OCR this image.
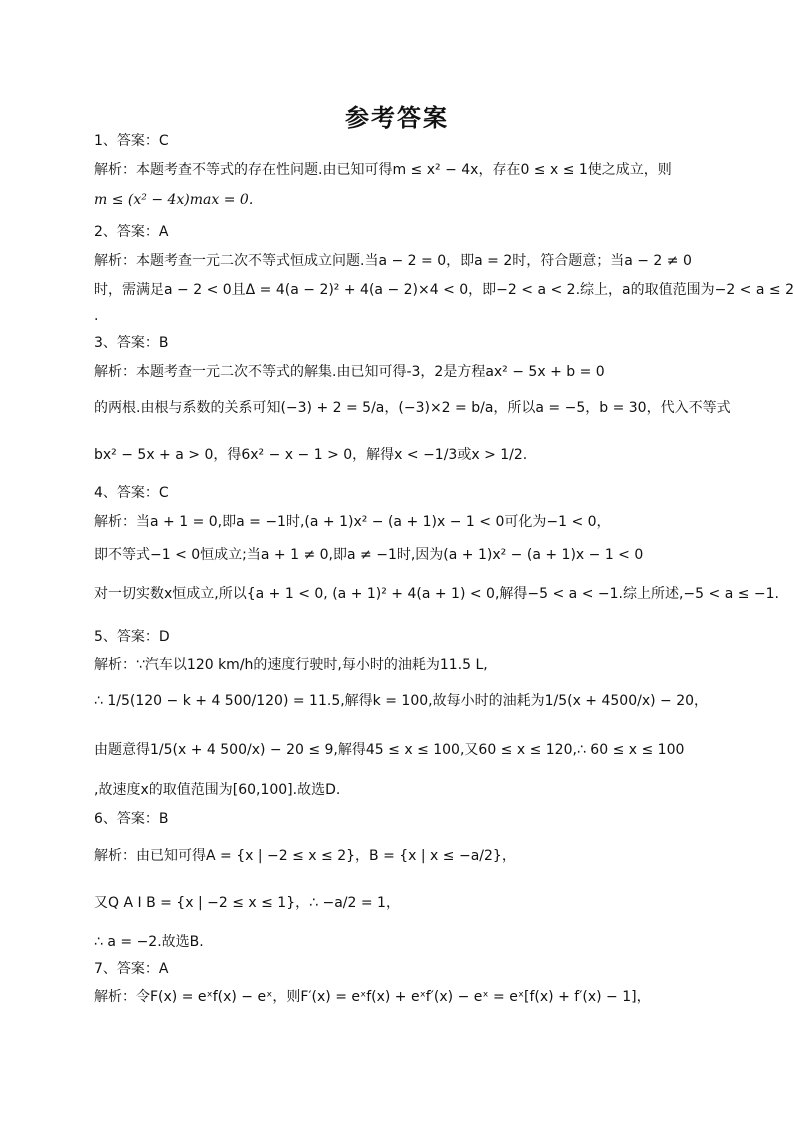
参考答案
1、答案：C
解析：本题考查不等式的存在性问题.由已知可得m ≤ x² − 4x，存在0 ≤ x ≤ 1使之成立，则
m ≤ (x² − 4x)max = 0.
2、答案：A
解析：本题考查一元二次不等式恒成立问题.当a − 2 = 0，即a = 2时，符合题意；当a − 2 ≠ 0
时，需满足a − 2 < 0且Δ = 4(a − 2)² + 4(a − 2)×4 < 0，即−2 < a < 2.综上，a的取值范围为−2 < a ≤ 2
.
3、答案：B
解析：本题考查一元二次不等式的解集.由已知可得-3，2是方程ax² − 5x + b = 0
的两根.由根与系数的关系可知(−3) + 2 = 5/a，(−3)×2 = b/a，所以a = −5，b = 30，代入不等式
bx² − 5x + a > 0，得6x² − x − 1 > 0，解得x < −1/3或x > 1/2.
4、答案：C
解析：当a + 1 = 0,即a = −1时,(a + 1)x² − (a + 1)x − 1 < 0可化为−1 < 0，
即不等式−1 < 0恒成立;当a + 1 ≠ 0,即a ≠ −1时,因为(a + 1)x² − (a + 1)x − 1 < 0
对一切实数x恒成立,所以{a + 1 < 0, (a + 1)² + 4(a + 1) < 0,解得−5 < a < −1.综上所述,−5 < a ≤ −1.
5、答案：D
解析：∵汽车以120 km/h的速度行驶时,每小时的油耗为11.5 L,
∴ 1/5(120 − k + 4 500/120) = 11.5,解得k = 100,故每小时的油耗为1/5(x + 4500/x) − 20，
由题意得1/5(x + 4 500/x) − 20 ≤ 9,解得45 ≤ x ≤ 100,又60 ≤ x ≤ 120,∴ 60 ≤ x ≤ 100
,故速度x的取值范围为[60,100].故选D.
6、答案：B
解析：由已知可得A = {x | −2 ≤ x ≤ 2}，B = {x | x ≤ −a/2}，
又Q A I B = {x | −2 ≤ x ≤ 1}，∴ −a/2 = 1，
∴ a = −2.故选B.
7、答案：A
解析：令F(x) = eˣf(x) − eˣ，则F′(x) = eˣf(x) + eˣf′(x) − eˣ = eˣ[f(x) + f′(x) − 1]，
